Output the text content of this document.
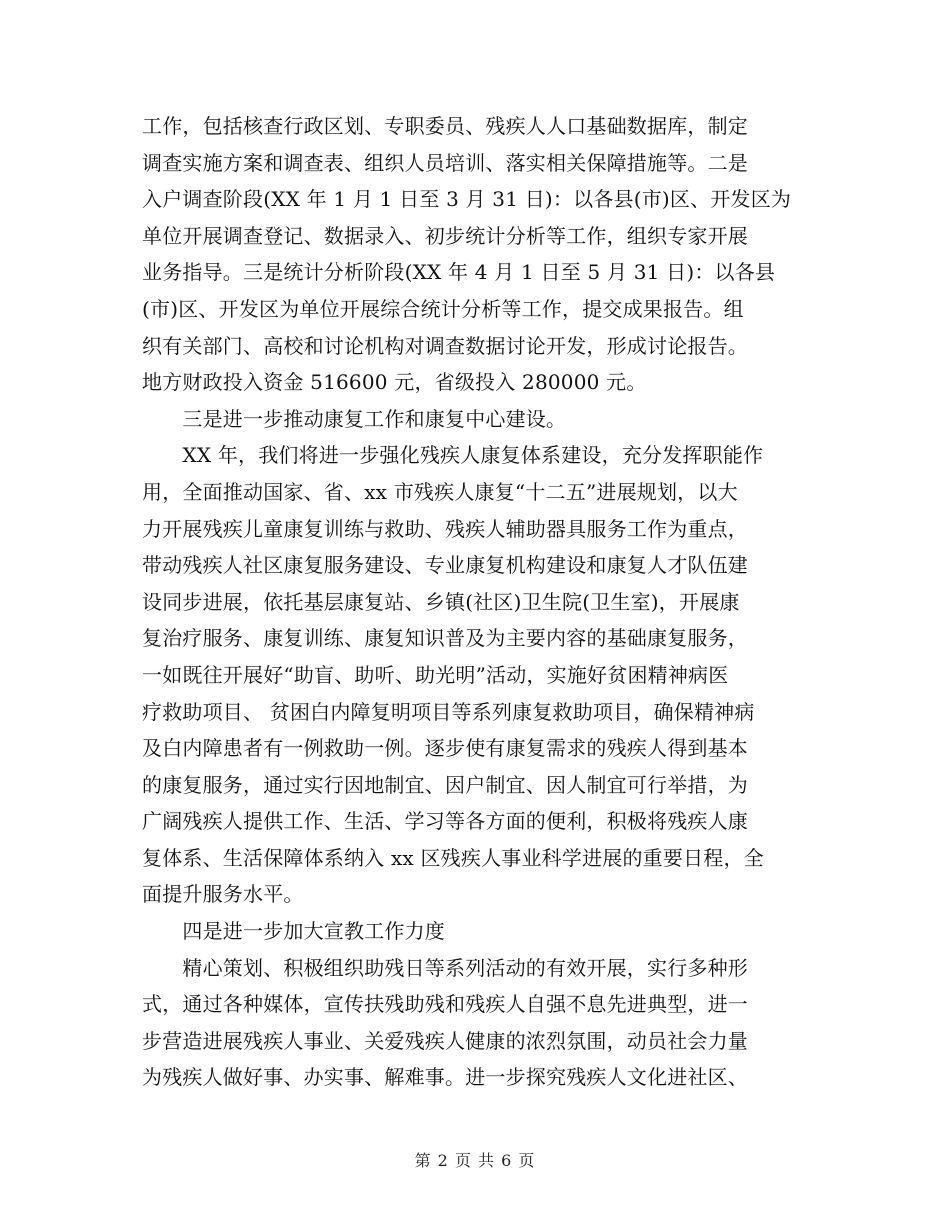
工作，包括核查行政区划、专职委员、残疾人人口基础数据库，制定
调查实施方案和调查表、组织人员培训、落实相关保障措施等。二是
入户调查阶段(XX 年 1 月 1 日至 3 月 31 日)：以各县(市)区、开发区为
单位开展调查登记、数据录入、初步统计分析等工作，组织专家开展
业务指导。三是统计分析阶段(XX 年 4 月 1 日至 5 月 31 日)：以各县
(市)区、开发区为单位开展综合统计分析等工作，提交成果报告。组
织有关部门、高校和讨论机构对调查数据讨论开发，形成讨论报告。
地方财政投入资金 516600 元，省级投入 280000 元。
　　三是进一步推动康复工作和康复中心建设。
　　XX 年，我们将进一步强化残疾人康复体系建设，充分发挥职能作
用，全面推动国家、省、xx 市残疾人康复“十二五”进展规划，以大
力开展残疾儿童康复训练与救助、残疾人辅助器具服务工作为重点，
带动残疾人社区康复服务建设、专业康复机构建设和康复人才队伍建
设同步进展，依托基层康复站、乡镇(社区)卫生院(卫生室)，开展康
复治疗服务、康复训练、康复知识普及为主要内容的基础康复服务，
一如既往开展好“助盲、助听、助光明”活动，实施好贫困精神病医
疗救助项目、 贫困白内障复明项目等系列康复救助项目，确保精神病
及白内障患者有一例救助一例。逐步使有康复需求的残疾人得到基本
的康复服务，通过实行因地制宜、因户制宜、因人制宜可行举措，为
广阔残疾人提供工作、生活、学习等各方面的便利，积极将残疾人康
复体系、生活保障体系纳入 xx 区残疾人事业科学进展的重要日程，全
面提升服务水平。
　　四是进一步加大宣教工作力度
　　精心策划、积极组织助残日等系列活动的有效开展，实行多种形
式，通过各种媒体，宣传扶残助残和残疾人自强不息先进典型，进一
步营造进展残疾人事业、关爱残疾人健康的浓烈氛围，动员社会力量
为残疾人做好事、办实事、解难事。进一步探究残疾人文化进社区、
第 2 页 共 6 页
